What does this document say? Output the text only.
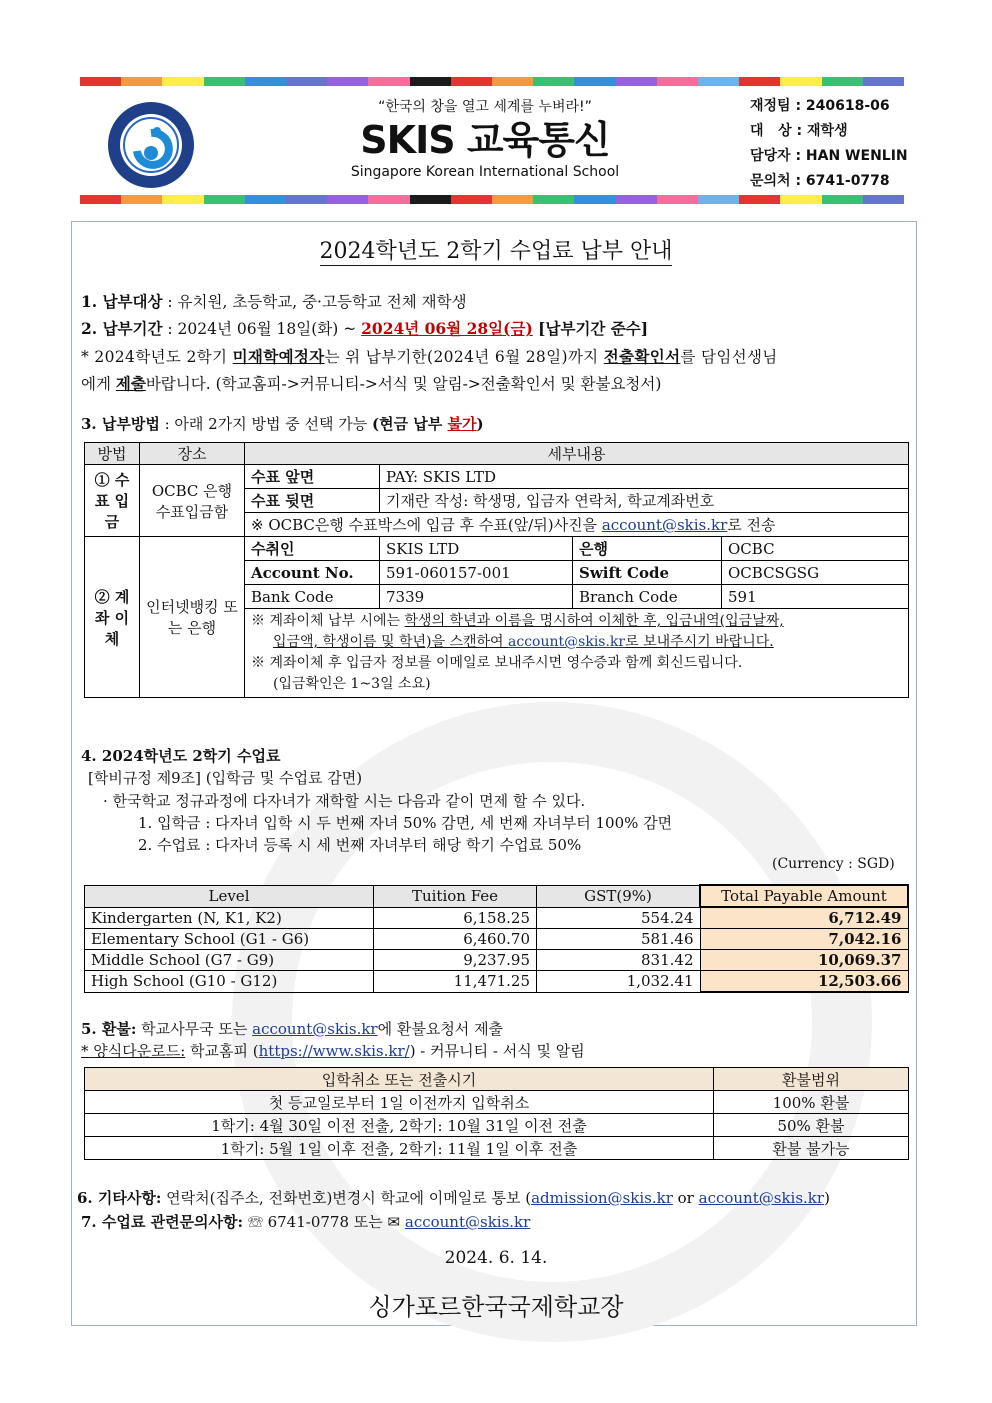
“한국의 창을 열고 세계를 누벼라!”
SKIS 교육통신
Singapore Korean International School
재정팀 : 240618-06
대   상 : 재학생
담당자 : HAN WENLIN
문의처 : 6741-0778
2024학년도 2학기 수업료 납부 안내
1. 납부대상 : 유치원, 초등학교, 중·고등학교 전체 재학생
2. 납부기간 : 2024년 06월 18일(화) ~ 2024년 06월 28일(금) [납부기간 준수]
* 2024학년도 2학기 미재학예정자는 위 납부기한(2024년 6월 28일)까지 전출확인서를 담임선생님
에게 제출바랍니다. (학교홈피->커뮤니티->서식 및 알림->전출확인서 및 환불요청서)
3. 납부방법 : 아래 2가지 방법 중 선택 가능 (현금 납부 불가)
방법	장소	세부내용			
① 수표 입금	OCBC 은행 수표입금함	수표 앞면	PAY: SKIS LTD		
		수표 뒷면	기재란 작성: 학생명, 입금자 연락처, 학교계좌번호		
		※ OCBC은행 수표박스에 입금 후 수표(앞/뒤)사진을 account@skis.kr로 전송			
② 계좌 이체	인터넷뱅킹 또는 은행	수취인	SKIS LTD	은행	OCBC
		Account No.	591-060157-001	Swift Code	OCBCSGSG
		Bank Code	7339	Branch Code	591

		※ 계좌이체 납부 시에는 학생의 학년과 이름을 명시하여 이체한 후, 입금내역(입금날짜,
입금액, 학생이름 및 학년)을 스캔하여 account@skis.kr로 보내주시기 바랍니다.
※ 계좌이체 후 입금자 정보를 이메일로 보내주시면 영수증과 함께 회신드립니다.
(입금확인은 1~3일 소요)			
4. 2024학년도 2학기 수업료
[학비규정 제9조] (입학금 및 수업료 감면)
· 한국학교 정규과정에 다자녀가 재학할 시는 다음과 같이 면제 할 수 있다.
1. 입학금 : 다자녀 입학 시 두 번째 자녀 50% 감면, 세 번째 자녀부터 100% 감면
2. 수업료 : 다자녀 등록 시 세 번째 자녀부터 해당 학기 수업료 50%
(Currency : SGD)
Level	Tuition Fee	GST(9%)	Total Payable Amount
Kindergarten (N, K1, K2)	6,158.25	554.24	6,712.49
Elementary School (G1 - G6)	6,460.70	581.46	7,042.16
Middle School (G7 - G9)	9,237.95	831.42	10,069.37
High School (G10 - G12)	11,471.25	1,032.41	12,503.66
5. 환불: 학교사무국 또는 account@skis.kr에 환불요청서 제출
* 양식다운로드: 학교홈피 (https://www.skis.kr/) - 커뮤니티 - 서식 및 알림
입학취소 또는 전출시기	환불범위
첫 등교일로부터 1일 이전까지 입학취소	100% 환불
1학기: 4월 30일 이전 전출, 2학기: 10월 31일 이전 전출	50% 환불
1학기: 5월 1일 이후 전출, 2학기: 11월 1일 이후 전출	환불 불가능
6. 기타사항: 연락처(집주소, 전화번호)변경시 학교에 이메일로 통보 (admission@skis.kr or account@skis.kr)
7. 수업료 관련문의사항: ☏ 6741-0778 또는 ✉ account@skis.kr
2024. 6. 14.
싱가포르한국국제학교장
